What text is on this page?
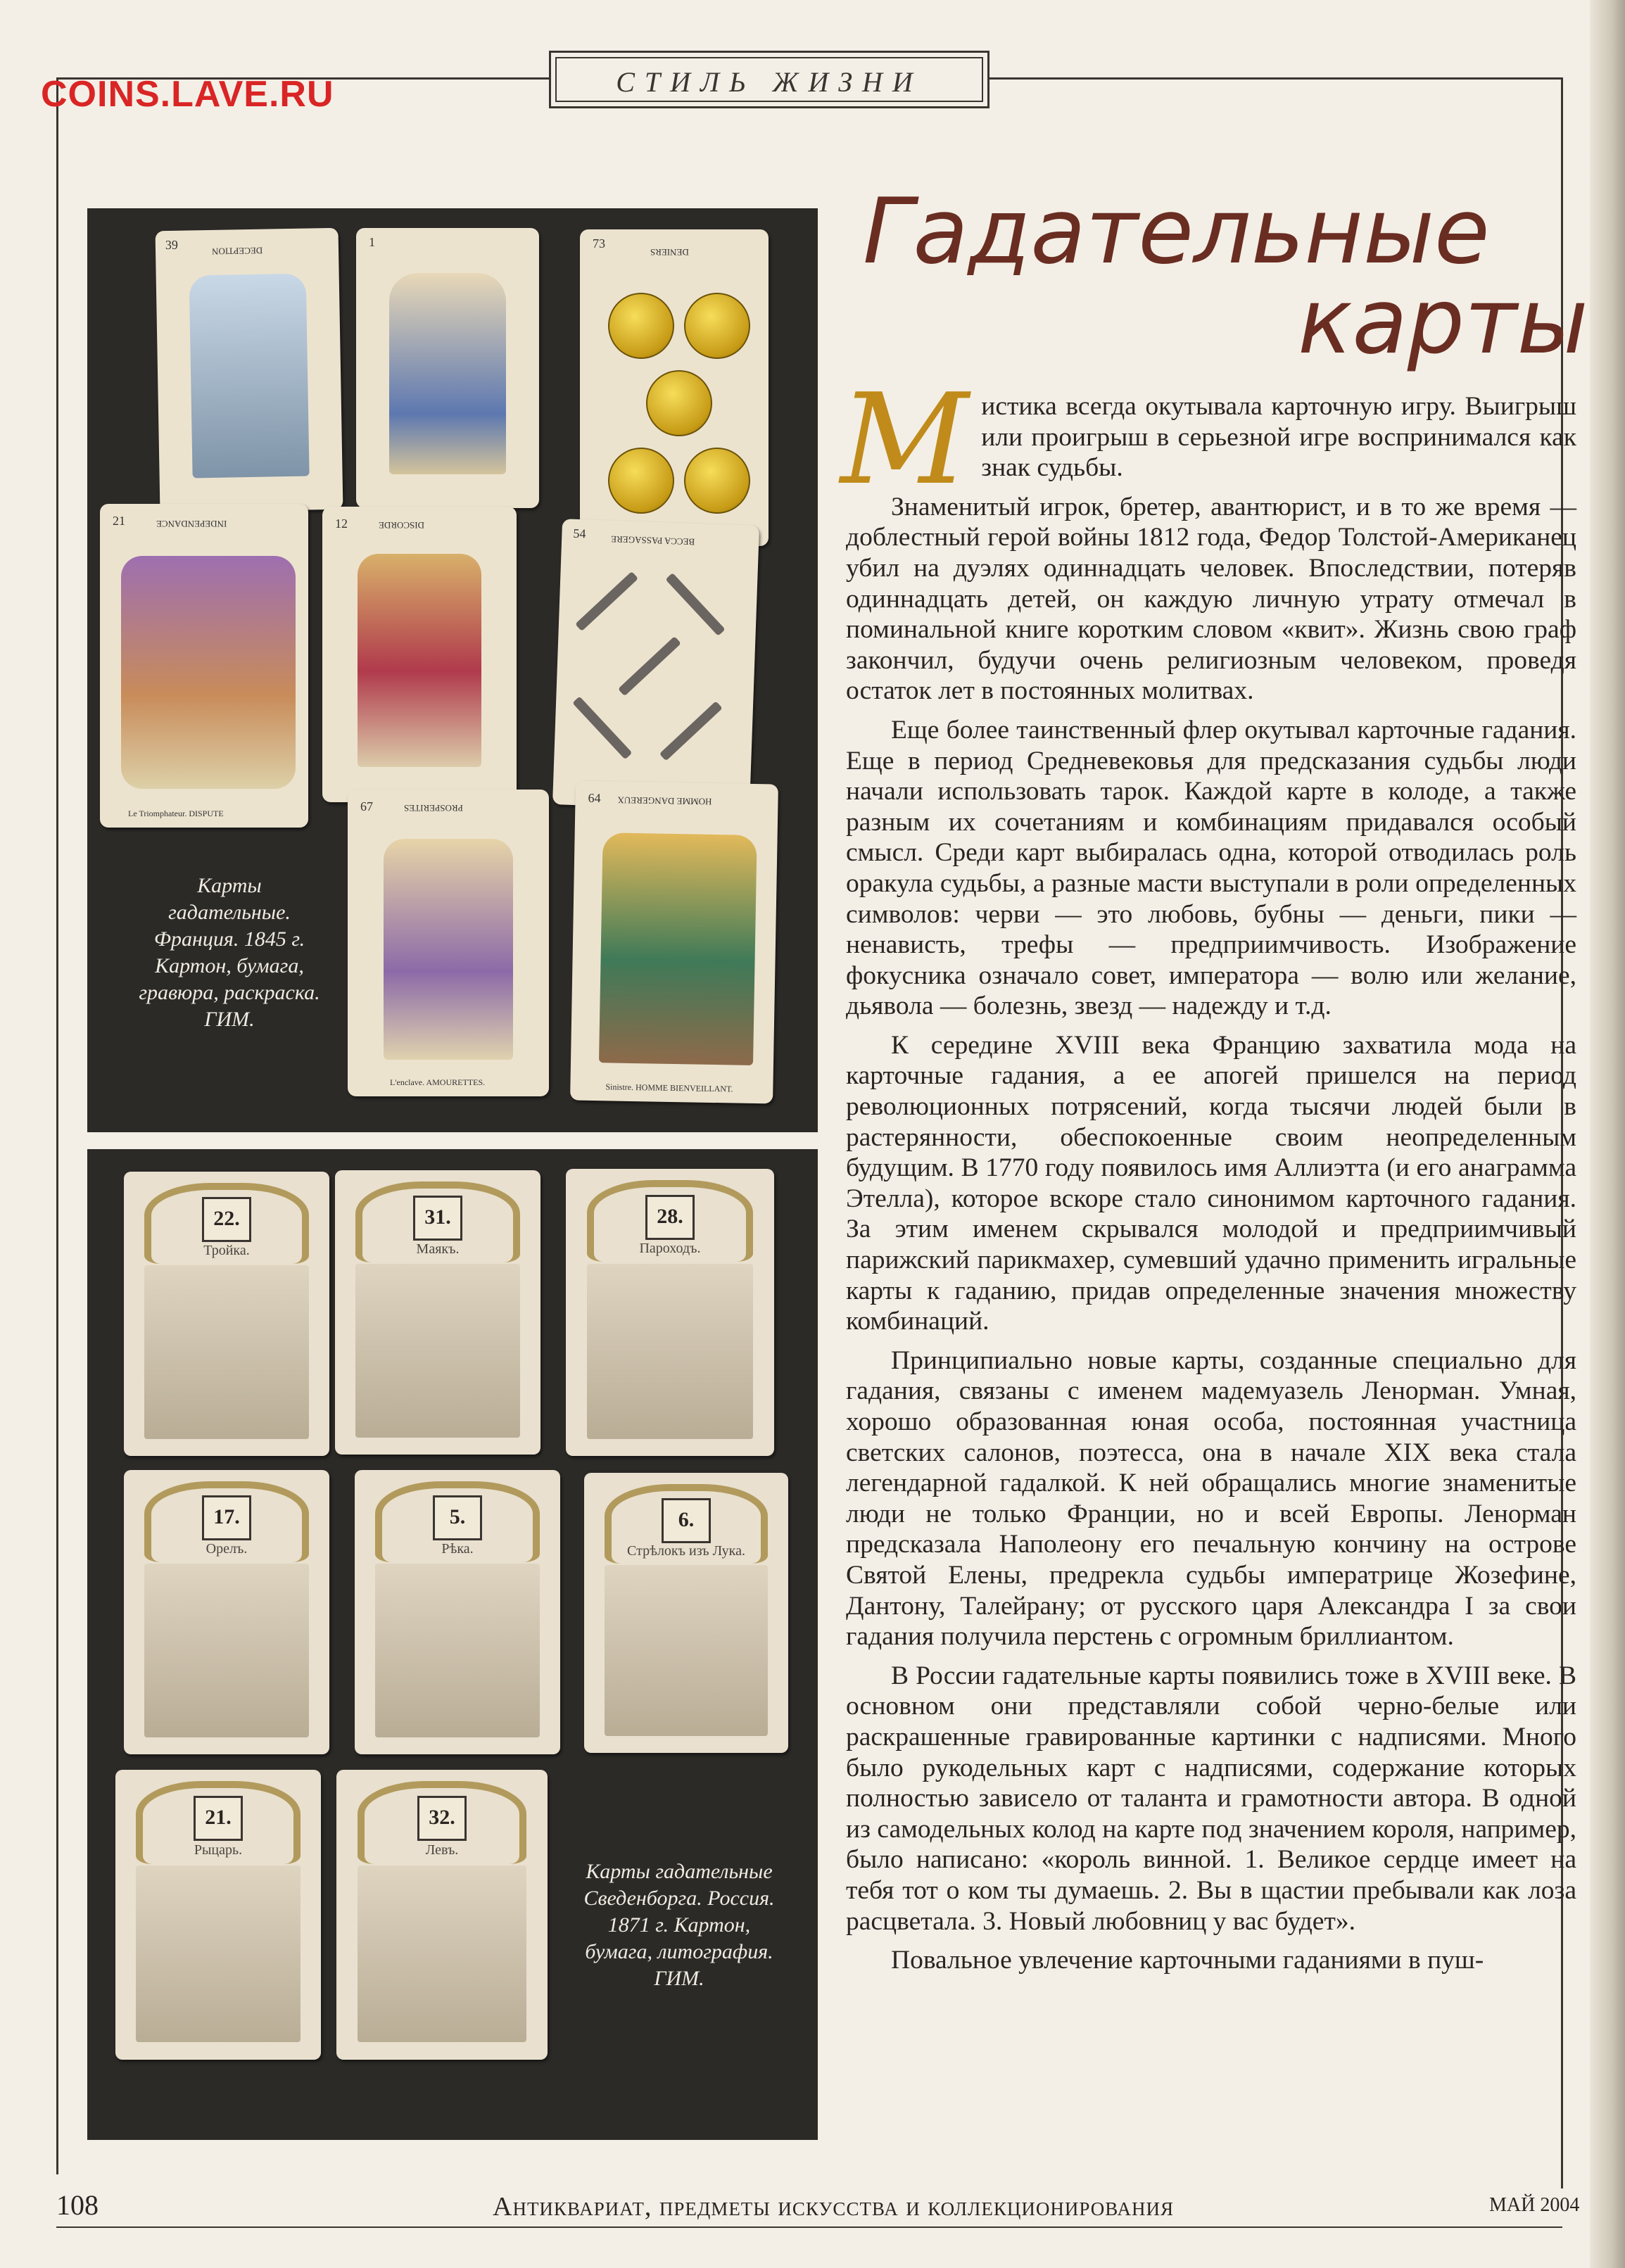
СТИЛЬ ЖИЗНИ
COINS.LAVE.RU
39	DECEPTION
1	73
DENIERS
21	INDEPENDANCE
Le Triomphateur. DISPUTE
12	DISCORDE
54	BECCA PASSAGERE
67	PROSPERITES
L'enclave. AMOURETTES.
64 HOMME DANGEREUX
Sinistre. HOMME BIENVEILLANT.
Карты гадательные. Франция. 1845 г. Картон, бумага, гравюра, раскраска. ГИМ.
22.
Тройка.
31.
Маякъ.
28.
Пароходъ.
17.
Орелъ.
5.
Рѣка.
6.
Стрѣлокъ изъ Лука.
21.
Рыцарь.
32.
Левъ.
Карты гадательные Сведенборга. Россия. 1871 г. Картон, бумага, литография. ГИМ.
Гадательные
карты

Мистика всегда окутывала карточную игру. Выигрыш или проигрыш в серьезной игре воспринимался как знак судьбы.

Знаменитый игрок, бретер, авантюрист, и в то же время — доблестный герой войны 1812 года, Федор Толстой-Американец убил на дуэлях одиннадцать человек. Впоследствии, потеряв одиннадцать детей, он каждую личную утрату отмечал в поминальной книге коротким словом «квит». Жизнь свою граф закончил, будучи очень религиозным человеком, проведя остаток лет в постоянных молитвах.

Еще более таинственный флер окутывал карточные гадания. Еще в период Средневековья для предсказания судьбы люди начали использовать тарок. Каждой карте в колоде, а также разным их сочетаниям и комбинациям придавался особый смысл. Среди карт выбиралась одна, которой отводилась роль оракула судьбы, а разные масти выступали в роли определенных символов: черви — это любовь, бубны — деньги, пики — ненависть, трефы — предприимчивость. Изображение фокусника означало совет, императора — волю или желание, дьявола — болезнь, звезд — надежду и т.д.

К середине XVIII века Францию захватила мода на карточные гадания, а ее апогей пришелся на период революционных потрясений, когда тысячи людей были в растерянности, обеспокоенные своим неопределенным будущим. В 1770 году появилось имя Аллиэтта (и его анаграмма Этелла), которое вскоре стало синонимом карточного гадания. За этим именем скрывался молодой и предприимчивый парижский парикмахер, сумевший удачно применить игральные карты к гаданию, придав определенные значения множеству комбинаций.

Принципиально новые карты, созданные специально для гадания, связаны с именем мадемуазель Ленорман. Умная, хорошо образованная юная особа, постоянная участница светских салонов, поэтесса, она в начале XIX века стала легендарной гадалкой. К ней обращались многие знаменитые люди не только Франции, но и всей Европы. Ленорман предсказала Наполеону его печальную кончину на острове Святой Елены, предрекла судьбы императрице Жозефине, Дантону, Талейрану; от русского царя Александра I за свои гадания получила перстень с огромным бриллиантом.

В России гадательные карты появились тоже в XVIII веке. В основном они представляли собой черно-белые или раскрашенные гравированные картинки с надписями. Много было рукодельных карт с надписями, содержание которых полностью зависело от таланта и грамотности автора. В одной из самодельных колод на карте под значением короля, например, было написано: «король винной. 1. Великое сердце имеет на тебя тот о ком ты думаешь. 2. Вы в щастии пребывали как лоза расцветала. 3. Новый любовниц у вас будет».

Повальное увлечение карточными гаданиями в пуш-

108	Антиквариат, предметы искусства и коллекционирования	МАЙ 2004
